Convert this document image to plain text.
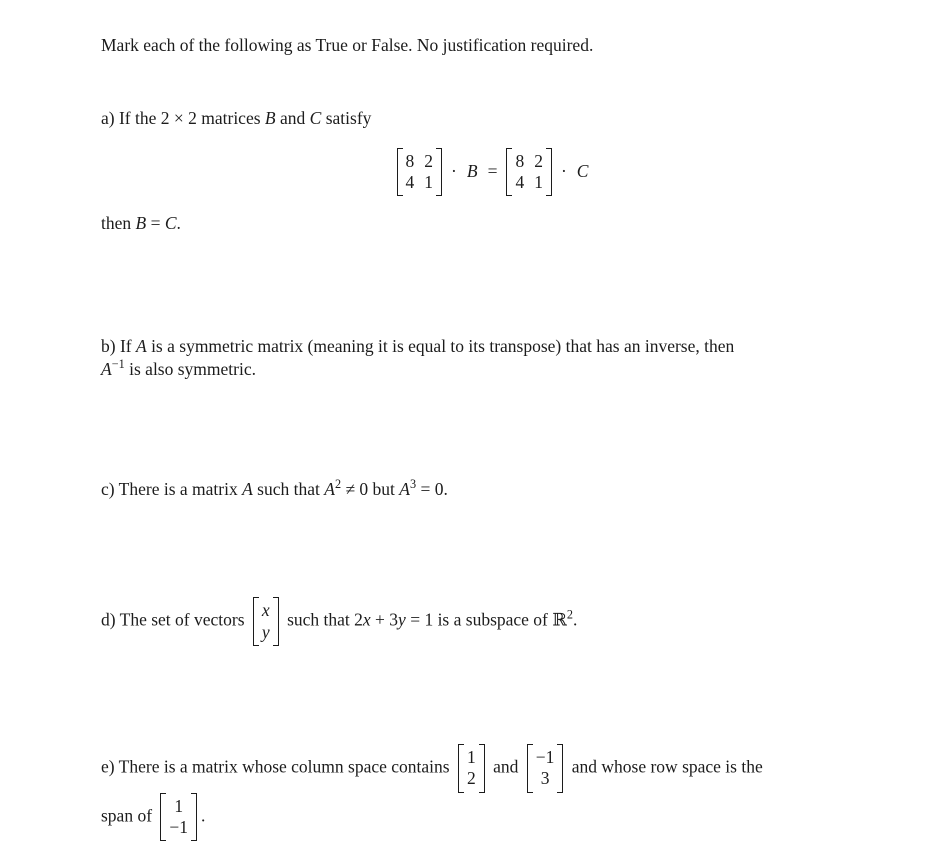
Mark each of the following as True or False. No justification required.

a) If the 2 × 2 matrices B and C satisfy

8 2
4 1
· B =
8 2
4 1
· C

then B = C.

b) If A is a symmetric matrix (meaning it is equal to its transpose) that has an inverse, then
$A^{-1}$ is also symmetric.

c) There is a matrix A such that $A^2 \ne 0$ but $A^3 = 0$.

d) The set of vectors x
y
such that 2x + 3y = 1 is a subspace of ℝ$^2$.

e) There is a matrix whose column space contains 1
2
and −1
3
and whose row space is the
span of 1
−1
.
